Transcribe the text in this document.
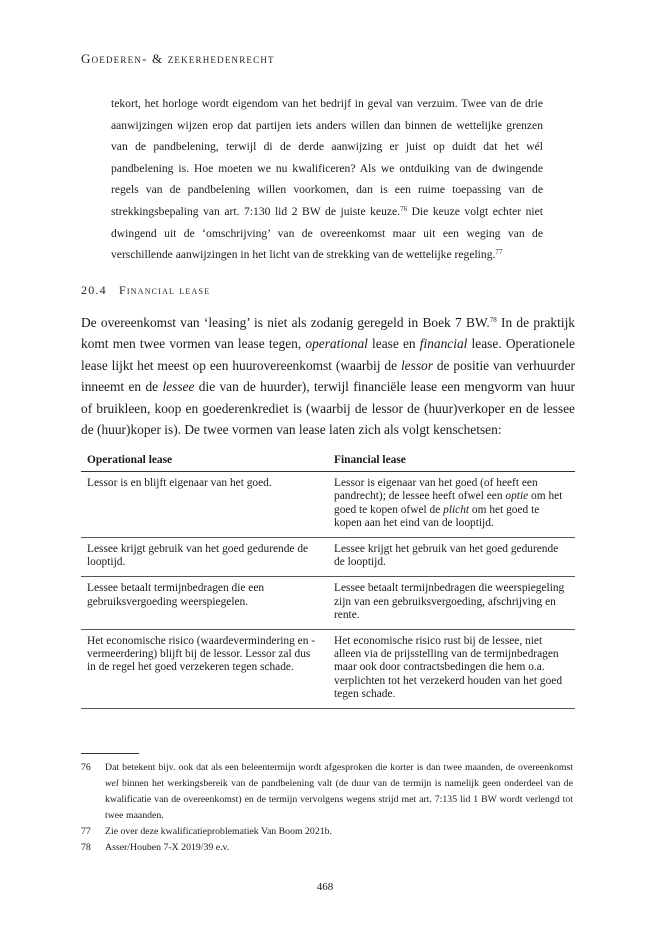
Goederen- & zekerhedenrecht

tekort, het horloge wordt eigendom van het bedrijf in geval van verzuim. Twee van de drie aanwijzingen wijzen erop dat partijen iets anders willen dan binnen de wettelijke grenzen van de pandbelening, terwijl di de derde aanwijzing er juist op duidt dat het wél pandbelening is. Hoe moeten we nu kwalificeren? Als we ontduiking van de dwingende regels van de pandbelening willen voorkomen, dan is een ruime toepassing van de strekkingsbepaling van art. 7:130 lid 2 BW de juiste keuze.$^{76}$ Die keuze volgt echter niet dwingend uit de ‘omschrijving’ van de overeenkomst maar uit een weging van de verschillende aanwijzingen in het licht van de strekking van de wettelijke regeling.$^{77}$

20.4 Financial lease

De overeenkomst van ‘leasing’ is niet als zodanig geregeld in Boek 7 BW.$^{78}$ In de praktijk komt men twee vormen van lease tegen, operational lease en financial lease. Operationele lease lijkt het meest op een huurovereenkomst (waarbij de lessor de positie van verhuurder inneemt en de lessee die van de huurder), terwijl financiële lease een mengvorm van huur of bruikleen, koop en goederenkrediet is (waarbij de lessor de (huur)verkoper en de lessee de (huur)koper is). De twee vormen van lease laten zich als volgt kenschetsen:

Operational lease	Financial lease
Lessor is en blijft eigenaar van het goed.	Lessor is eigenaar van het goed (of heeft een pandrecht); de lessee heeft ofwel een optie om het goed te kopen ofwel de plicht om het goed te kopen aan het eind van de looptijd.
Lessee krijgt gebruik van het goed gedurende de looptijd.	Lessee krijgt het gebruik van het goed gedurende de looptijd.
Lessee betaalt termijnbedragen die een gebruiksvergoeding weerspiegelen.	Lessee betaalt termijnbedragen die weerspiegeling zijn van een gebruiksvergoeding, afschrijving en rente.
Het economische risico (waardevermindering en -vermeerdering) blijft bij de lessor. Lessor zal dus in de regel het goed verzekeren tegen schade.	Het economische risico rust bij de lessee, niet alleen via de prijsstelling van de termijnbedragen maar ook door contractsbedingen die hem o.a. verplichten tot het verzekerd houden van het goed tegen schade.

76	Dat betekent bijv. ook dat als een beleentermijn wordt afgesproken die korter is dan twee maanden, de overeenkomst wel binnen het werkingsbereik van de pandbelening valt (de duur van de termijn is namelijk geen onderdeel van de kwalificatie van de overeenkomst) en de termijn vervolgens wegens strijd met art. 7:135 lid 1 BW wordt verlengd tot twee maanden.

77	Zie over deze kwalificatieproblematiek Van Boom 2021b.

78	Asser/Houben 7-X 2019/39 e.v.

468
